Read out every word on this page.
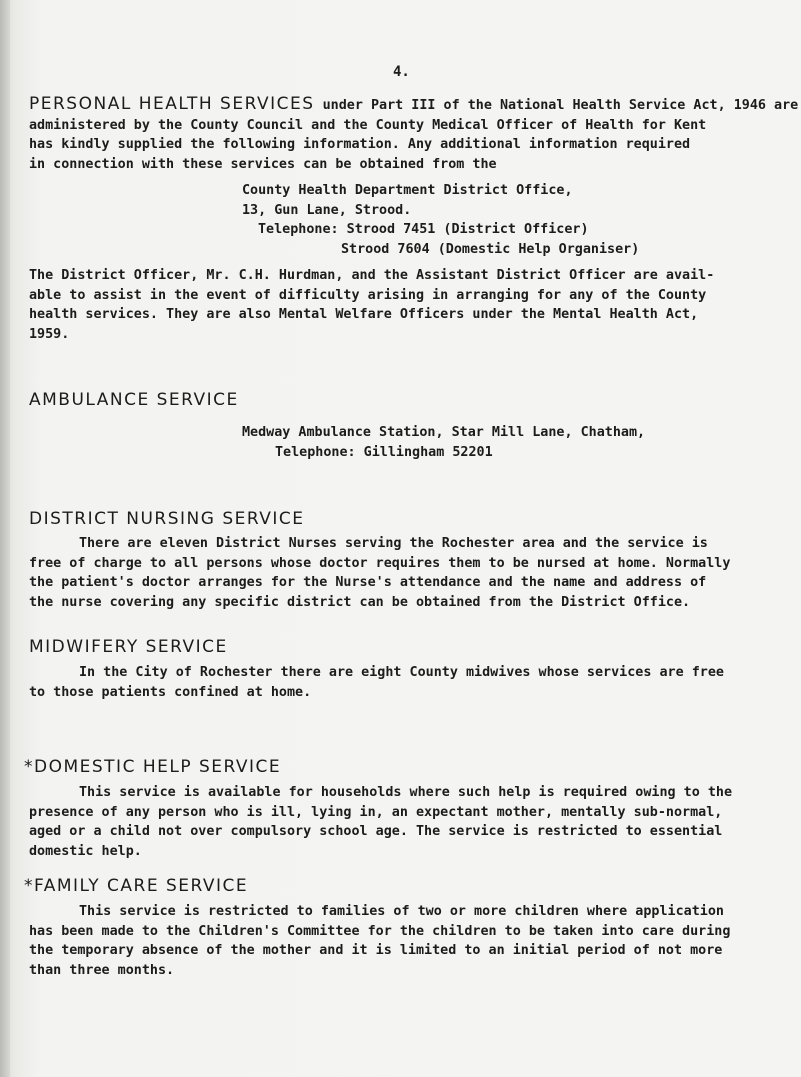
4.
PERSONAL HEALTH SERVICES under Part III of the National Health Service Act, 1946 are
administered by the County Council and the County Medical Officer of Health for Kent
has kindly supplied the following information. Any additional information required
in connection with these services can be obtained from the
County Health Department District Office,
13, Gun Lane, Strood.
Telephone: Strood 7451 (District Officer)
Strood 7604 (Domestic Help Organiser)
The District Officer, Mr. C.H. Hurdman, and the Assistant District Officer are avail-
able to assist in the event of difficulty arising in arranging for any of the County
health services. They are also Mental Welfare Officers under the Mental Health Act,
1959.
AMBULANCE SERVICE
Medway Ambulance Station, Star Mill Lane, Chatham,
Telephone: Gillingham 52201
DISTRICT NURSING SERVICE
There are eleven District Nurses serving the Rochester area and the service is
free of charge to all persons whose doctor requires them to be nursed at home. Normally
the patient's doctor arranges for the Nurse's attendance and the name and address of
the nurse covering any specific district can be obtained from the District Office.
MIDWIFERY SERVICE
In the City of Rochester there are eight County midwives whose services are free
to those patients confined at home.
*DOMESTIC HELP SERVICE
This service is available for households where such help is required owing to the
presence of any person who is ill, lying in, an expectant mother, mentally sub-normal,
aged or a child not over compulsory school age. The service is restricted to essential
domestic help.
*FAMILY CARE SERVICE
This service is restricted to families of two or more children where application
has been made to the Children's Committee for the children to be taken into care during
the temporary absence of the mother and it is limited to an initial period of not more
than three months.
